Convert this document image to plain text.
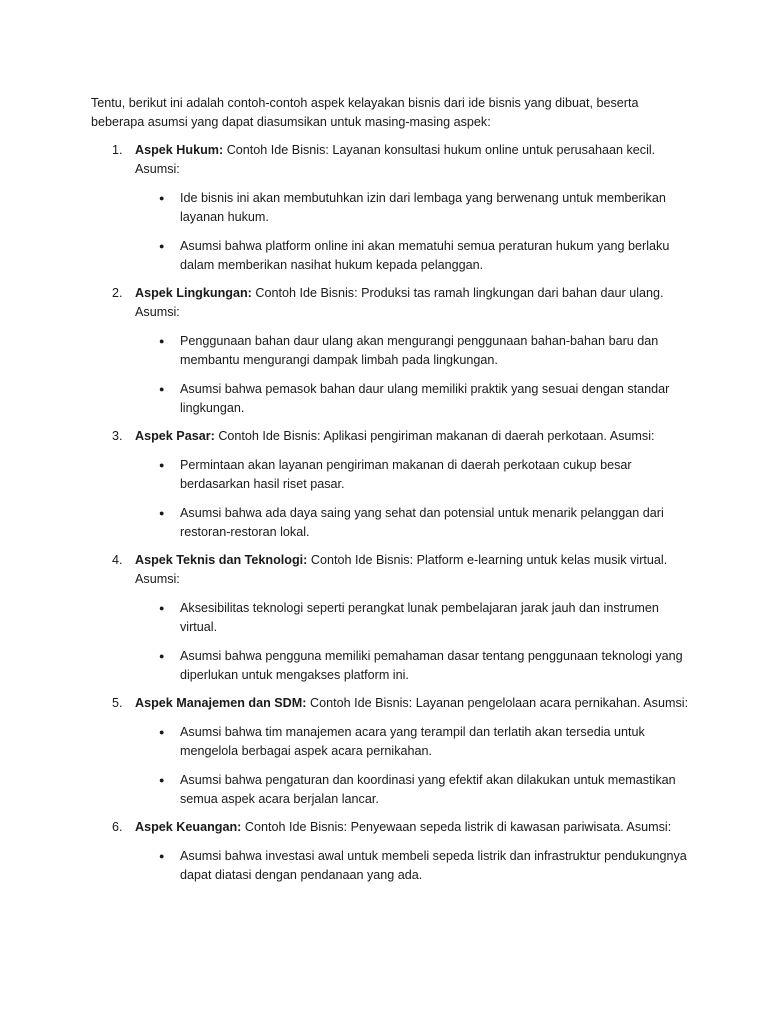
Tentu, berikut ini adalah contoh-contoh aspek kelayakan bisnis dari ide bisnis yang dibuat, beserta beberapa asumsi yang dapat diasumsikan untuk masing-masing aspek:

1. Aspek Hukum: Contoh Ide Bisnis: Layanan konsultasi hukum online untuk perusahaan kecil. Asumsi:
● Ide bisnis ini akan membutuhkan izin dari lembaga yang berwenang untuk memberikan layanan hukum.
● Asumsi bahwa platform online ini akan mematuhi semua peraturan hukum yang berlaku dalam memberikan nasihat hukum kepada pelanggan.
2. Aspek Lingkungan: Contoh Ide Bisnis: Produksi tas ramah lingkungan dari bahan daur ulang. Asumsi:
● Penggunaan bahan daur ulang akan mengurangi penggunaan bahan-bahan baru dan membantu mengurangi dampak limbah pada lingkungan.
● Asumsi bahwa pemasok bahan daur ulang memiliki praktik yang sesuai dengan standar lingkungan.
3. Aspek Pasar: Contoh Ide Bisnis: Aplikasi pengiriman makanan di daerah perkotaan. Asumsi:
● Permintaan akan layanan pengiriman makanan di daerah perkotaan cukup besar berdasarkan hasil riset pasar.
● Asumsi bahwa ada daya saing yang sehat dan potensial untuk menarik pelanggan dari restoran-restoran lokal.
4. Aspek Teknis dan Teknologi: Contoh Ide Bisnis: Platform e-learning untuk kelas musik virtual. Asumsi:
● Aksesibilitas teknologi seperti perangkat lunak pembelajaran jarak jauh dan instrumen virtual.
● Asumsi bahwa pengguna memiliki pemahaman dasar tentang penggunaan teknologi yang diperlukan untuk mengakses platform ini.
5. Aspek Manajemen dan SDM: Contoh Ide Bisnis: Layanan pengelolaan acara pernikahan. Asumsi:
● Asumsi bahwa tim manajemen acara yang terampil dan terlatih akan tersedia untuk mengelola berbagai aspek acara pernikahan.
● Asumsi bahwa pengaturan dan koordinasi yang efektif akan dilakukan untuk memastikan semua aspek acara berjalan lancar.
6. Aspek Keuangan: Contoh Ide Bisnis: Penyewaan sepeda listrik di kawasan pariwisata. Asumsi:
● Asumsi bahwa investasi awal untuk membeli sepeda listrik dan infrastruktur pendukungnya dapat diatasi dengan pendanaan yang ada.
